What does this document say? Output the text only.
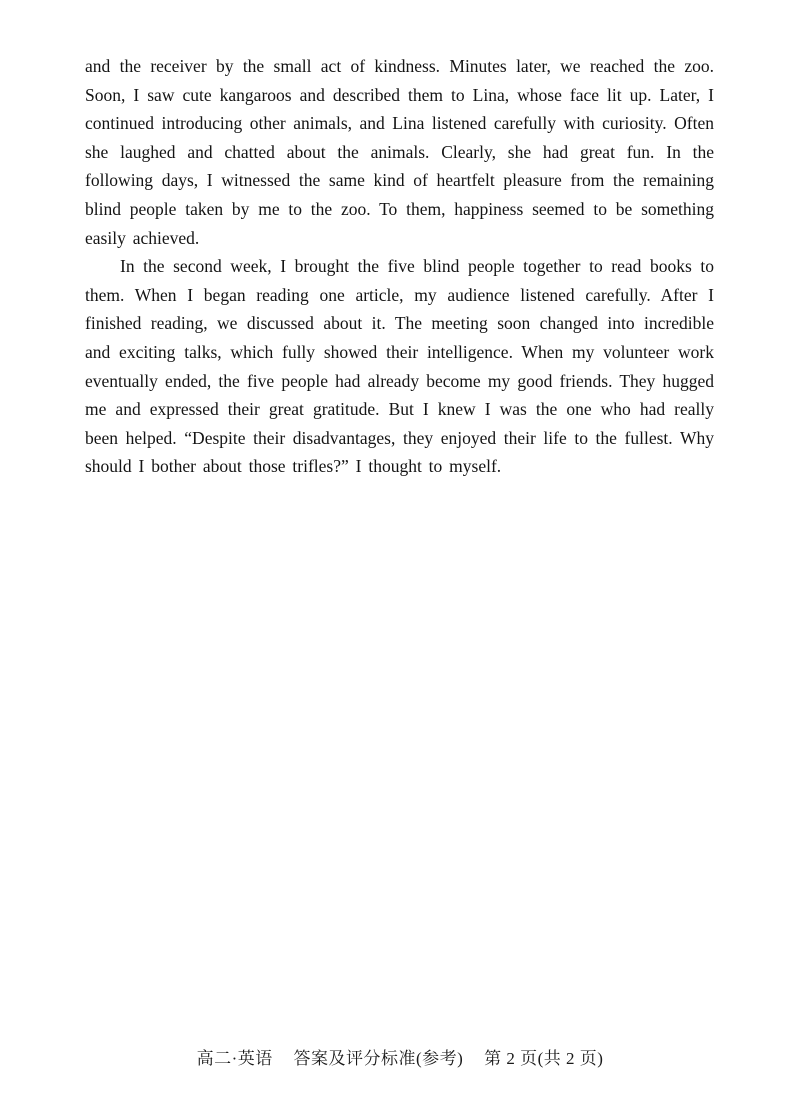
and the receiver by the small act of kindness. Minutes later, we reached the zoo. Soon, I saw cute kangaroos and described them to Lina, whose face lit up. Later, I continued introducing other animals, and Lina listened carefully with curiosity. Often she laughed and chatted about the animals. Clearly, she had great fun. In the following days, I witnessed the same kind of heartfelt pleasure from the remaining blind people taken by me to the zoo. To them, happiness seemed to be something easily achieved.

In the second week, I brought the five blind people together to read books to them. When I began reading one article, my audience listened carefully. After I finished reading, we discussed about it. The meeting soon changed into incredible and exciting talks, which fully showed their intelligence. When my volunteer work eventually ended, the five people had already become my good friends. They hugged me and expressed their great gratitude. But I knew I was the one who had really been helped. “Despite their disadvantages, they enjoyed their life to the fullest. Why should I bother about those trifles?” I thought to myself.

高二·英语 答案及评分标准(参考) 第 2 页(共 2 页)
